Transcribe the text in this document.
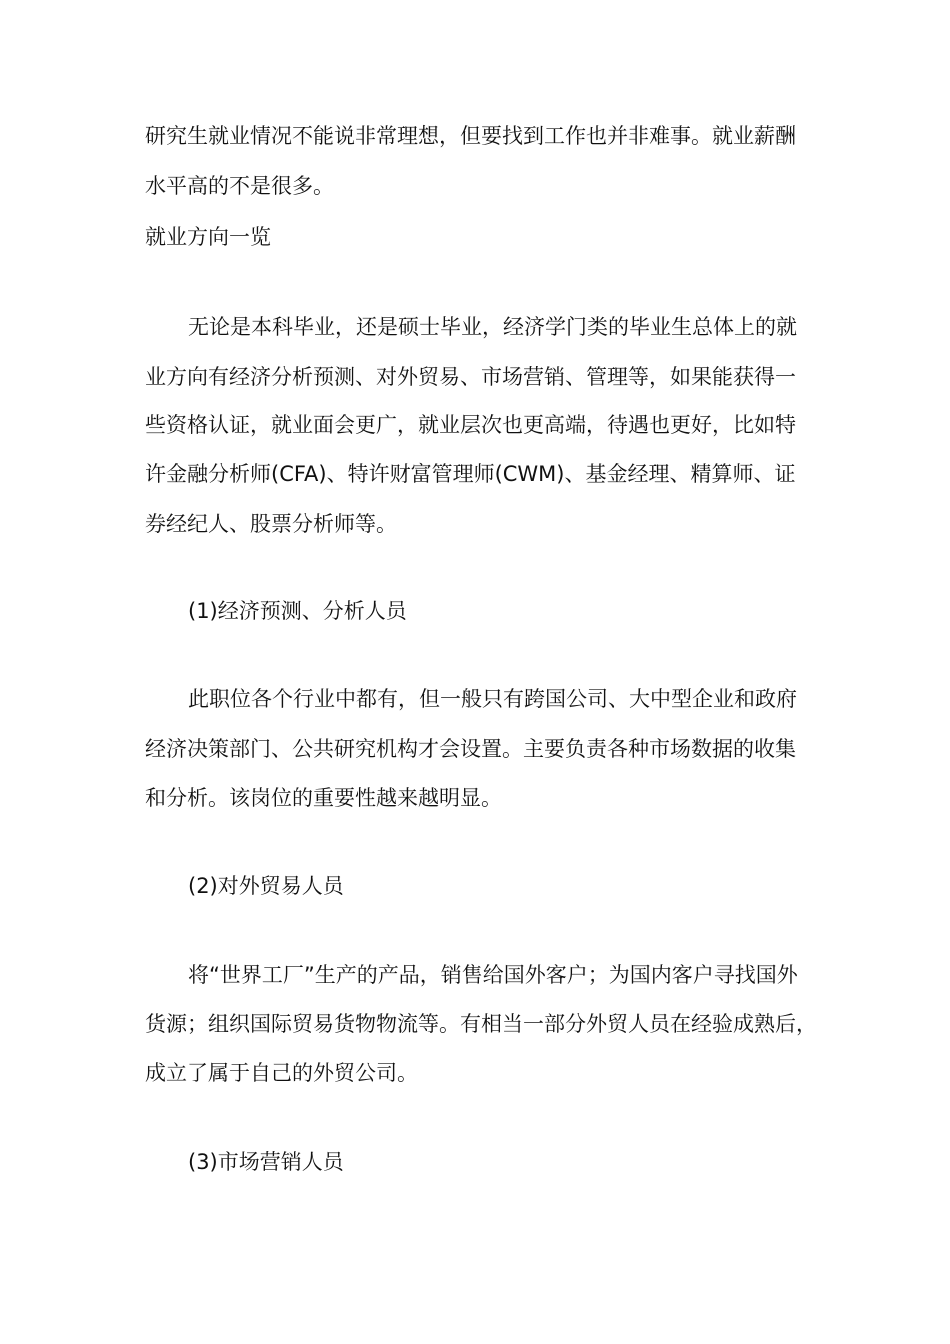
研究生就业情况不能说非常理想，但要找到工作也并非难事。就业薪酬
水平高的不是很多。
就业方向一览
无论是本科毕业，还是硕士毕业，经济学门类的毕业生总体上的就
业方向有经济分析预测、对外贸易、市场营销、管理等，如果能获得一
些资格认证，就业面会更广，就业层次也更高端，待遇也更好，比如特
许金融分析师(CFA)、特许财富管理师(CWM)、基金经理、精算师、证
券经纪人、股票分析师等。
(1)经济预测、分析人员
此职位各个行业中都有，但一般只有跨国公司、大中型企业和政府
经济决策部门、公共研究机构才会设置。主要负责各种市场数据的收集
和分析。该岗位的重要性越来越明显。
(2)对外贸易人员
将“世界工厂”生产的产品，销售给国外客户；为国内客户寻找国外
货源；组织国际贸易货物物流等。有相当一部分外贸人员在经验成熟后，
成立了属于自己的外贸公司。
(3)市场营销人员
